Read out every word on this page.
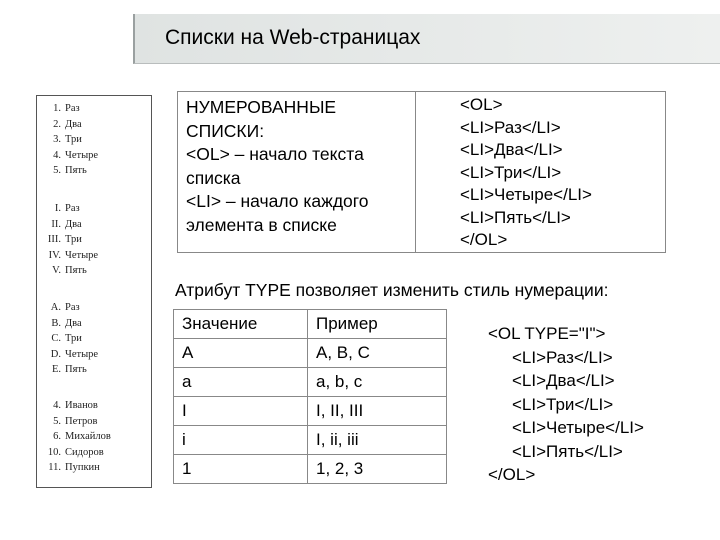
Списки на Web-страницах
1. Раз
2. Два
3. Три
4. Четыре
5. Пять
I. Раз
II. Два
III. Три
IV. Четыре
V. Пять
A. Раз
B. Два
C. Три
D. Четыре
E. Пять
4. Иванов
5. Петров
6. Михайлов
10. Сидоров
11. Пупкин
НУМЕРОВАННЫЕ
СПИСКИ:
<OL> – начало текста
списка
<LI> – начало каждого
элемента в списке
<OL>
<LI>Раз</LI>
<LI>Два</LI>
<LI>Три</LI>
<LI>Четыре</LI>
<LI>Пять</LI>
</OL>
Атрибут TYPE позволяет изменить стиль нумерации:
Значение	Пример
A	A, B, C
a	a, b, c
I	I, II, III
i	I, ii, iii
1	1, 2, 3
<OL TYPE="I">
<LI>Раз</LI>
<LI>Два</LI>
<LI>Три</LI>
<LI>Четыре</LI>
<LI>Пять</LI>
</OL>
